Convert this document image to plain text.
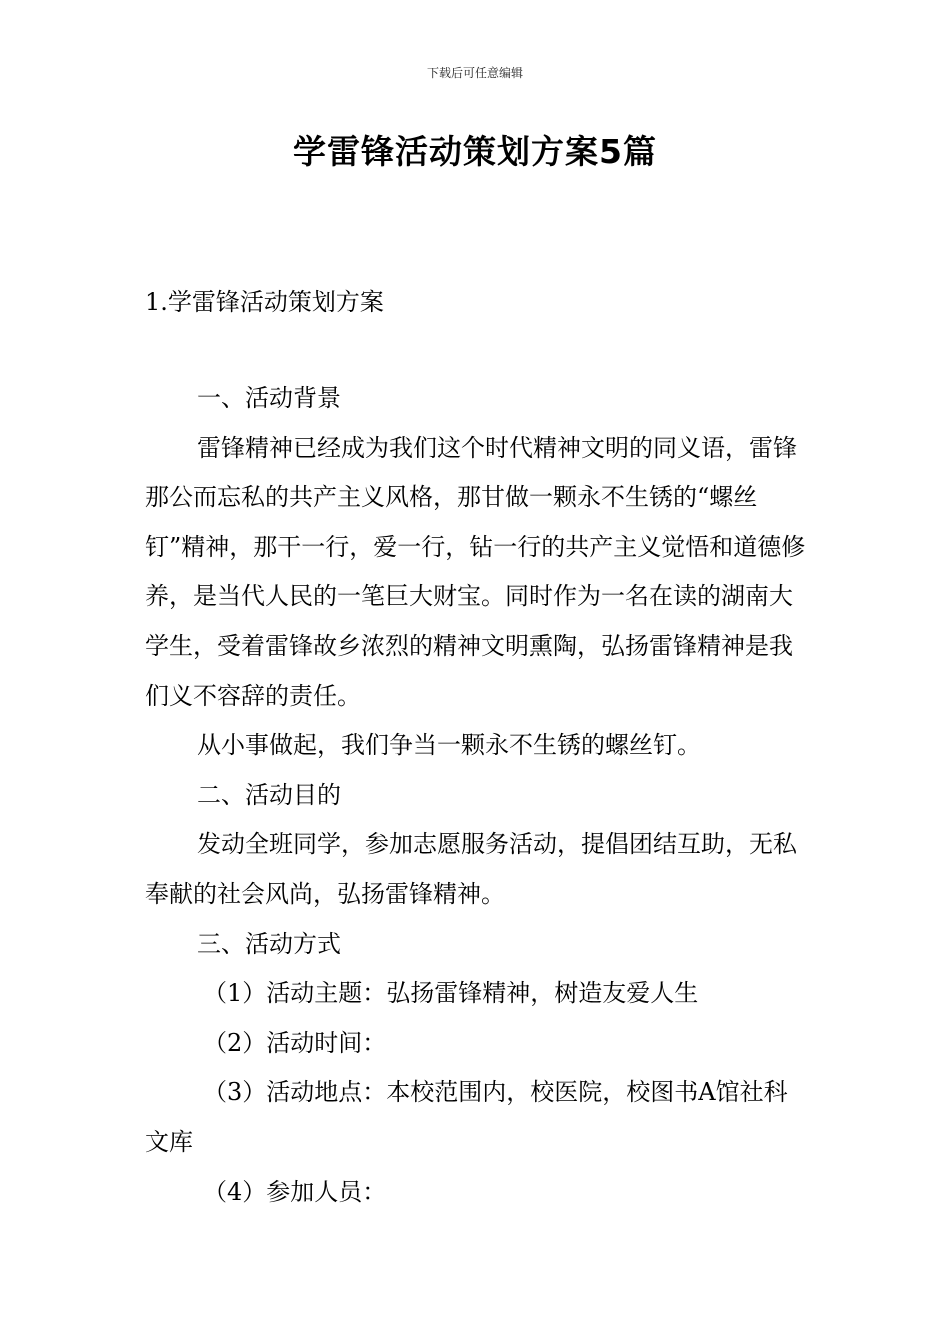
下载后可任意编辑
学雷锋活动策划方案5篇
1.学雷锋活动策划方案

一、活动背景

雷锋精神已经成为我们这个时代精神文明的同义语，雷锋那公而忘私的共产主义风格，那甘做一颗永不生锈的“螺丝钉”精神，那干一行，爱一行，钻一行的共产主义觉悟和道德修养，是当代人民的一笔巨大财宝。同时作为一名在读的湖南大学生，受着雷锋故乡浓烈的精神文明熏陶，弘扬雷锋精神是我们义不容辞的责任。

从小事做起，我们争当一颗永不生锈的螺丝钉。

二、活动目的

发动全班同学，参加志愿服务活动，提倡团结互助，无私奉献的社会风尚，弘扬雷锋精神。

三、活动方式

（1）活动主题：弘扬雷锋精神，树造友爱人生

（2）活动时间：

（3）活动地点：本校范围内，校医院，校图书A馆社科文库

（4）参加人员：
